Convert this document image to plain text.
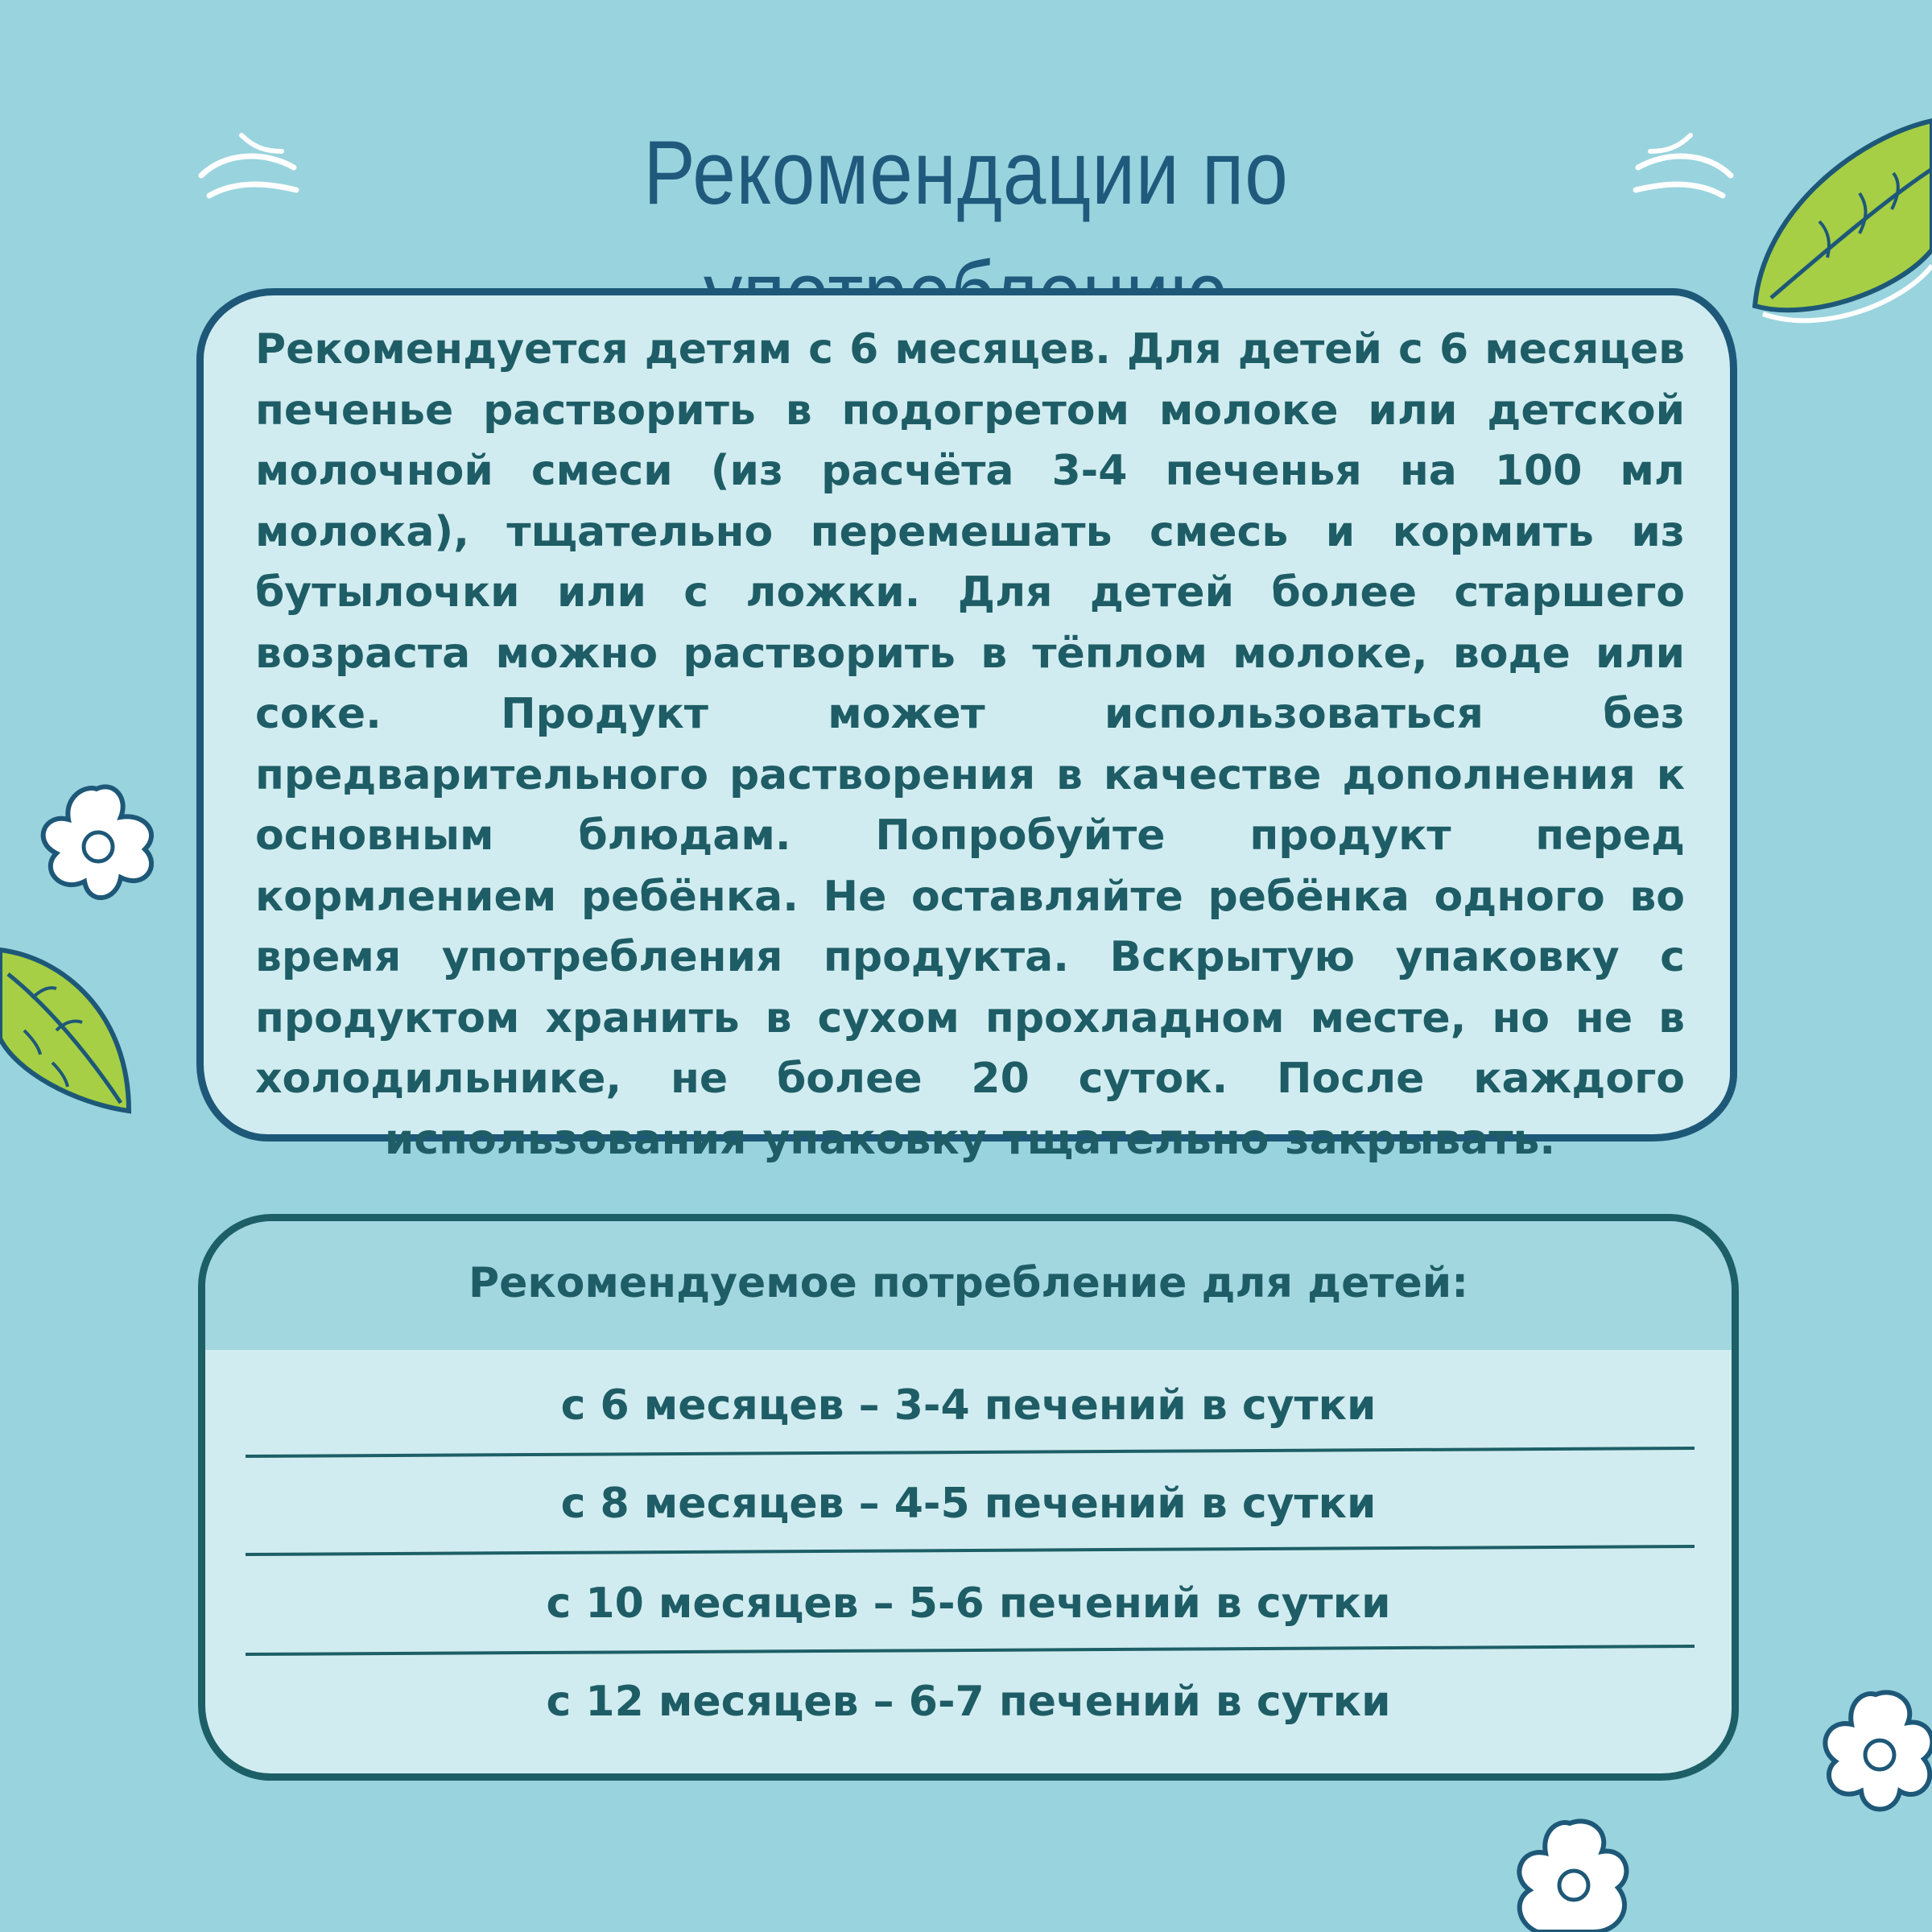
Рекомендации по
Рекомендуется детям с 6 месяцев. Для детей с 6 месяцев печенье растворить в подогретом молоке или детской молочной смеси (из расчёта 3-4 печенья на 100 мл молока), тщательно перемешать смесь и кормить из бутылочки или с ложки. Для детей более старшего возраста можно растворить в тёплом молоке, воде или соке. Продукт может использоваться без предварительного растворения в качестве дополнения к основным блюдам. Попробуйте продукт перед кормлением ребёнка. Не оставляйте ребёнка одного во время употребления продукта. Вскрытую упаковку с продуктом хранить в сухом прохладном месте, но не в холодильнике, не более 20 суток. После каждого использования упаковку тщательно закрывать.
Рекомендуемое потребление для детей:
с 6 месяцев – 3-4 печений в сутки
с 8 месяцев – 4-5 печений в сутки
с 10 месяцев – 5-6 печений в сутки
с 12 месяцев – 6-7 печений в сутки
